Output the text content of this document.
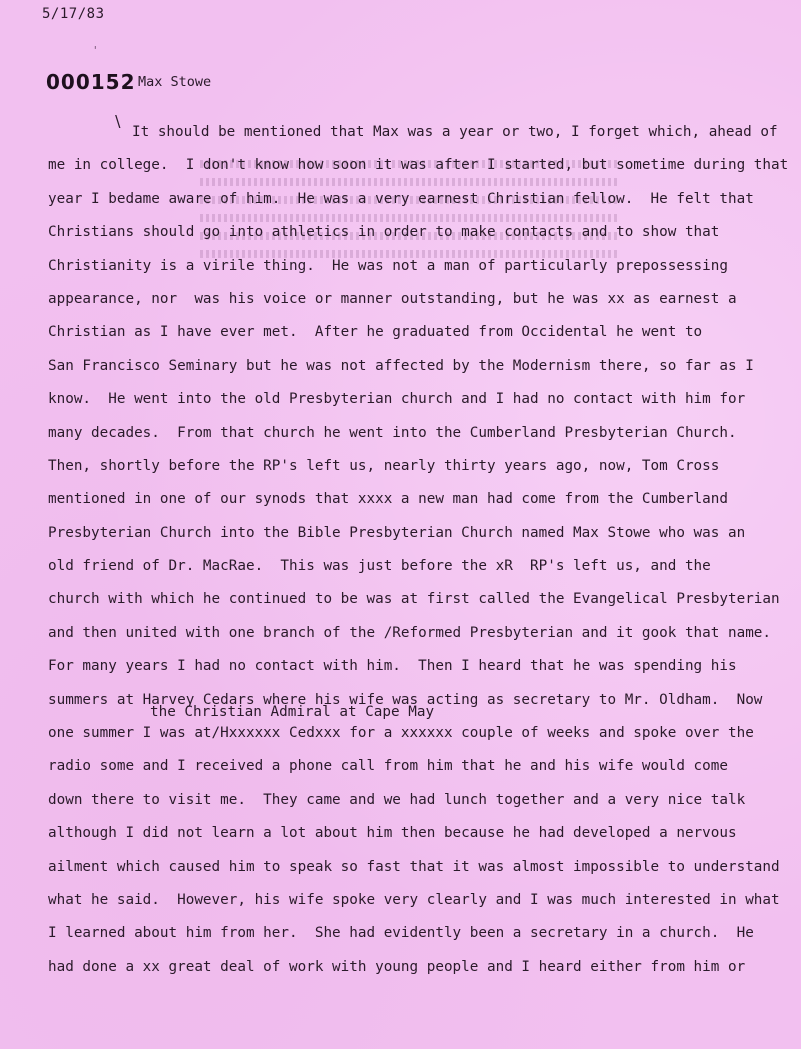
5/17/83
'
000152 Max Stowe
∖
the Christian Admiral at Cape May
It should be mentioned that Max was a year or two, I forget which, ahead of
me in college.  I don't know how soon it was after I started, but sometime during that
year I bedame aware of him.  He was a very earnest Christian fellow.  He felt that
Christians should go into athletics in order to make contacts and to show that
Christianity is a virile thing.  He was not a man of particularly prepossessing
appearance, nor  was his voice or manner outstanding, but he was xx as earnest a
Christian as I have ever met.  After he graduated from Occidental he went to
San Francisco Seminary but he was not affected by the Modernism there, so far as I
know.  He went into the old Presbyterian church and I had no contact with him for
many decades.  From that church he went into the Cumberland Presbyterian Church.
Then, shortly before the RP's left us, nearly thirty years ago, now, Tom Cross
mentioned in one of our synods that xxxx a new man had come from the Cumberland
Presbyterian Church into the Bible Presbyterian Church named Max Stowe who was an
old friend of Dr. MacRae.  This was just before the xR  RP's left us, and the
church with which he continued to be was at first called the Evangelical Presbyterian
and then united with one branch of the /Reformed Presbyterian and it gook that name.
For many years I had no contact with him.  Then I heard that he was spending his
summers at Harvey Cedars where his wife was acting as secretary to Mr. Oldham.  Now
one summer I was at/Hxxxxxx Cedxxx for a xxxxxx couple of weeks and spoke over the
radio some and I received a phone call from him that he and his wife would come
down there to visit me.  They came and we had lunch together and a very nice talk
although I did not learn a lot about him then because he had developed a nervous
ailment which caused him to speak so fast that it was almost impossible to understand
what he said.  However, his wife spoke very clearly and I was much interested in what
I learned about him from her.  She had evidently been a secretary in a church.  He
had done a xx great deal of work with young people and I heard either from him or
